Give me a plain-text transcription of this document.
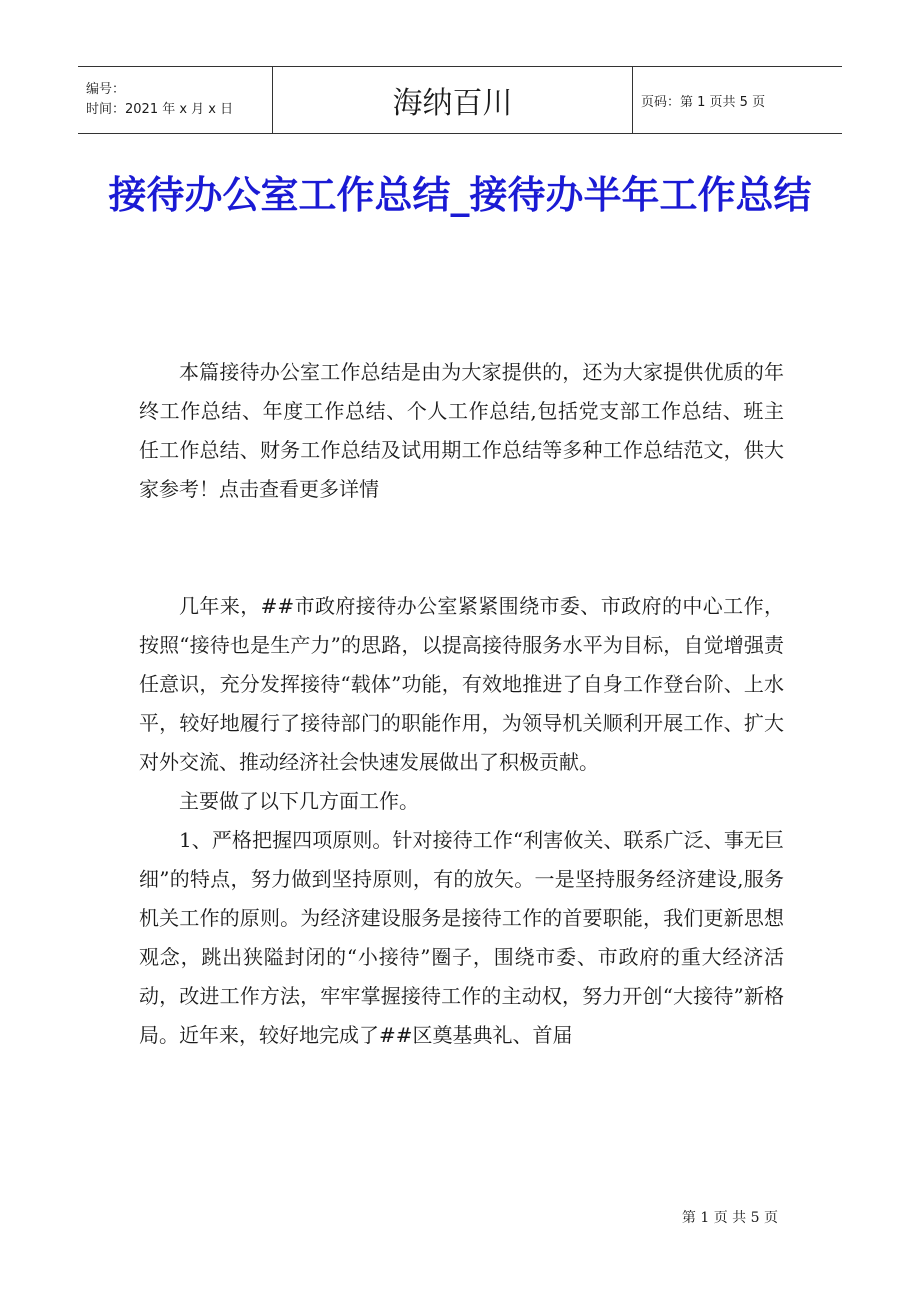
编号：
时间：2021 年 x 月 x 日	海纳百川	页码：第 1 页共 5 页
接待办公室工作总结_接待办半年工作总结

本篇接待办公室工作总结是由为大家提供的，还为大家提供优质的年终工作总结、年度工作总结、个人工作总结,包括党支部工作总结、班主任工作总结、财务工作总结及试用期工作总结等多种工作总结范文，供大家参考！点击查看更多详情

几年来，##市政府接待办公室紧紧围绕市委、市政府的中心工作，按照“接待也是生产力”的思路，以提高接待服务水平为目标，自觉增强责任意识，充分发挥接待“载体”功能，有效地推进了自身工作登台阶、上水平，较好地履行了接待部门的职能作用，为领导机关顺利开展工作、扩大对外交流、推动经济社会快速发展做出了积极贡献。

主要做了以下几方面工作。

1、严格把握四项原则。针对接待工作“利害攸关、联系广泛、事无巨细”的特点，努力做到坚持原则，有的放矢。一是坚持服务经济建设,服务机关工作的原则。为经济建设服务是接待工作的首要职能，我们更新思想观念，跳出狭隘封闭的“小接待”圈子，围绕市委、市政府的重大经济活动，改进工作方法，牢牢掌握接待工作的主动权，努力开创“大接待”新格局。近年来，较好地完成了##区奠基典礼、首届

第 1 页 共 5 页
